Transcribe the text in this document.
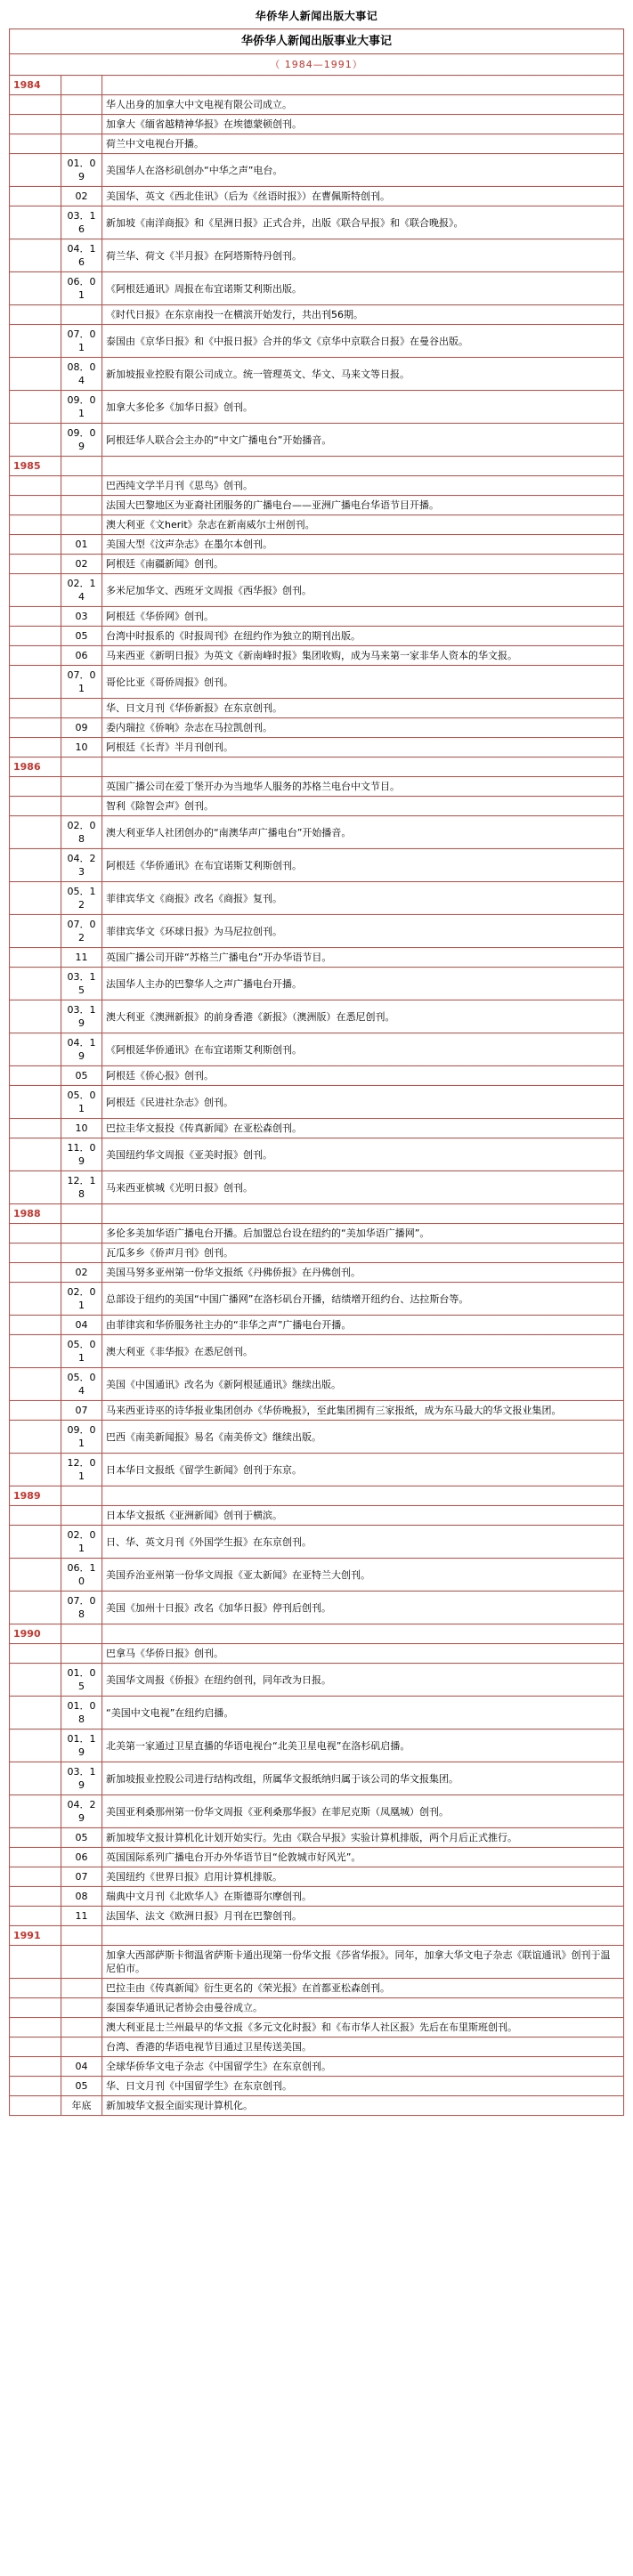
华侨华人新闻出版大事记
华侨华人新闻出版事业大事记		
（ 1984—1991）		
1984		
		华人出身的加拿大中文电视有限公司成立。
		加拿大《缅省越精神华报》在埃德蒙顿创刊。
		荷兰中文电视台开播。
	01．09	美国华人在洛杉矶创办“中华之声”电台。
	02	美国华、英文《西北佳讯》（后为《丝语时报》）在曹佩斯特创刊。
	03．16	新加坡《南洋商报》和《星洲日报》正式合并，出版《联合早报》和《联合晚报》。
	04．16	荷兰华、荷文《半月报》在阿塔斯特丹创刊。
	06．01	《阿根廷通讯》周报在布宜诺斯艾利斯出版。
		《时代日报》在东京南投一在横滨开始发行，共出刊56期。
	07．01	泰国由《京华日报》和《中报日报》合并的华文《京华中京联合日报》在曼谷出版。
	08．04	新加坡报业控股有限公司成立。统一管理英文、华文、马来文等日报。
	09．01	加拿大多伦多《加华日报》创刊。
	09．09	阿根廷华人联合会主办的“中文广播电台”开始播音。
1985		
		巴西纯文学半月刊《思鸟》创刊。
		法国大巴黎地区为亚裔社团服务的广播电台——亚洲广播电台华语节目开播。
		澳大利亚《文herit》杂志在新南威尔士州创刊。
	01	美国大型《汶声杂志》在墨尔本创刊。
	02	阿根廷《南疆新闻》创刊。
	02．14	多米尼加华文、西班牙文周报《西华报》创刊。
	03	阿根廷《华侨网》创刊。
	05	台湾中时报系的《时报周刊》在纽约作为独立的期刊出版。
	06	马来西亚《新明日报》为英文《新南峰时报》集团收购，成为马来第一家非华人资本的华文报。
	07．01	哥伦比亚《哥侨周报》创刊。
		华、日文月刊《华侨新报》在东京创刊。
	09	委内瑞拉《侨响》杂志在马拉凯创刊。
	10	阿根廷《长青》半月刊创刊。
1986		
		英国广播公司在爱丁堡开办为当地华人服务的苏格兰电台中文节目。
		智利《除智会声》创刊。
	02．08	澳大利亚华人社团创办的“南澳华声广播电台”开始播音。
	04．23	阿根廷《华侨通讯》在布宜诺斯艾利斯创刊。
	05．12	菲律宾华文《商报》改名《商报》复刊。
	07．02	菲律宾华文《环球日报》为马尼拉创刊。
	11	英国广播公司开辟“苏格兰广播电台”开办华语节目。
	03．15	法国华人主办的巴黎华人之声广播电台开播。
	03．19	澳大利亚《澳洲新报》的前身香港《新报》（澳洲版）在悉尼创刊。
	04．19	《阿根延华侨通讯》在布宜诺斯艾利斯创刊。
	05	阿根廷《侨心报》创刊。
	05．01	阿根廷《民进社杂志》创刊。
	10	巴拉圭华文报投《传真新闻》在亚松森创刊。
	11．09	美国纽约华文周报《亚美时报》创刊。
	12．18	马来西亚槟城《光明日报》创刊。
1988		
		多伦多美加华语广播电台开播。后加盟总台设在纽约的“美加华语广播网”。
		瓦瓜多乡《侨声月刊》创刊。
	02	美国马努多亚州第一份华文报纸《丹佛侨报》在丹佛创刊。
	02．01	总部设于纽约的美国“中国广播网”在洛杉矶台开播，结绩增开纽约台、达拉斯台等。
	04	由菲律宾和华侨服务社主办的“非华之声”广播电台开播。
	05．01	澳大利亚《非华报》在悉尼创刊。
	05．04	美国《中国通讯》改名为《新阿根延通讯》继续出版。
	07	马来西亚诗巫的诗华报业集团创办《华侨晚报》，至此集团拥有三家报纸，成为东马最大的华文报业集团。
	09．01	巴西《南美新闻报》易名《南美侨文》继续出版。
	12．01	日本华日文报纸《留学生新闻》创刊于东京。
1989		
		日本华文报纸《亚洲新闻》创刊于横滨。
	02．01	日、华、英文月刊《外国学生报》在东京创刊。
	06．10	美国乔治亚州第一份华文周报《亚太新闻》在亚特兰大创刊。
	07．08	美国《加州十日报》改名《加华日报》停刊后创刊。
1990		
		巴拿马《华侨日报》创刊。
	01．05	美国华文周报《侨报》在纽约创刊，同年改为日报。
	01．08	“美国中文电视”在纽约启播。
	01．19	北美第一家通过卫星直播的华语电视台“北美卫星电视”在洛杉矶启播。
	03．19	新加坡报业控股公司进行结构改组，所属华文报纸纳归属于该公司的华文报集团。
	04．29	美国亚利桑那州第一份华文周报《亚利桑那华报》在菲尼克斯（凤凰城）创刊。
	05	新加坡华文报计算机化计划开始实行。先由《联合早报》实验计算机排版，两个月后正式推行。
	06	英国国际系列广播电台开办外华语节目“伦敦城市好风光”。
	07	美国纽约《世界日报》启用计算机排版。
	08	瑞典中文月刊《北欧华人》在斯德哥尔摩创刊。
	11	法国华、法文《欧洲日报》月刊在巴黎创刊。
1991		
		加拿大西部萨斯卡彻温省萨斯卡通出现第一份华文报《莎省华报》。同年，加拿大华文电子杂志《联谊通讯》创刊于温尼伯市。
		巴拉圭由《传真新闻》衍生更名的《荣光报》在首都亚松森创刊。
		泰国泰华通讯记者协会由曼谷成立。
		澳大利亚昆士兰州最早的华文报《多元文化时报》和《布市华人社区报》先后在布里斯班创刊。
		台湾、香港的华语电视节目通过卫星传送美国。
	04	全球华侨华文电子杂志《中国留学生》在东京创刊。
	05	华、日文月刊《中国留学生》在东京创刊。
	年底	新加坡华文报全面实现计算机化。
